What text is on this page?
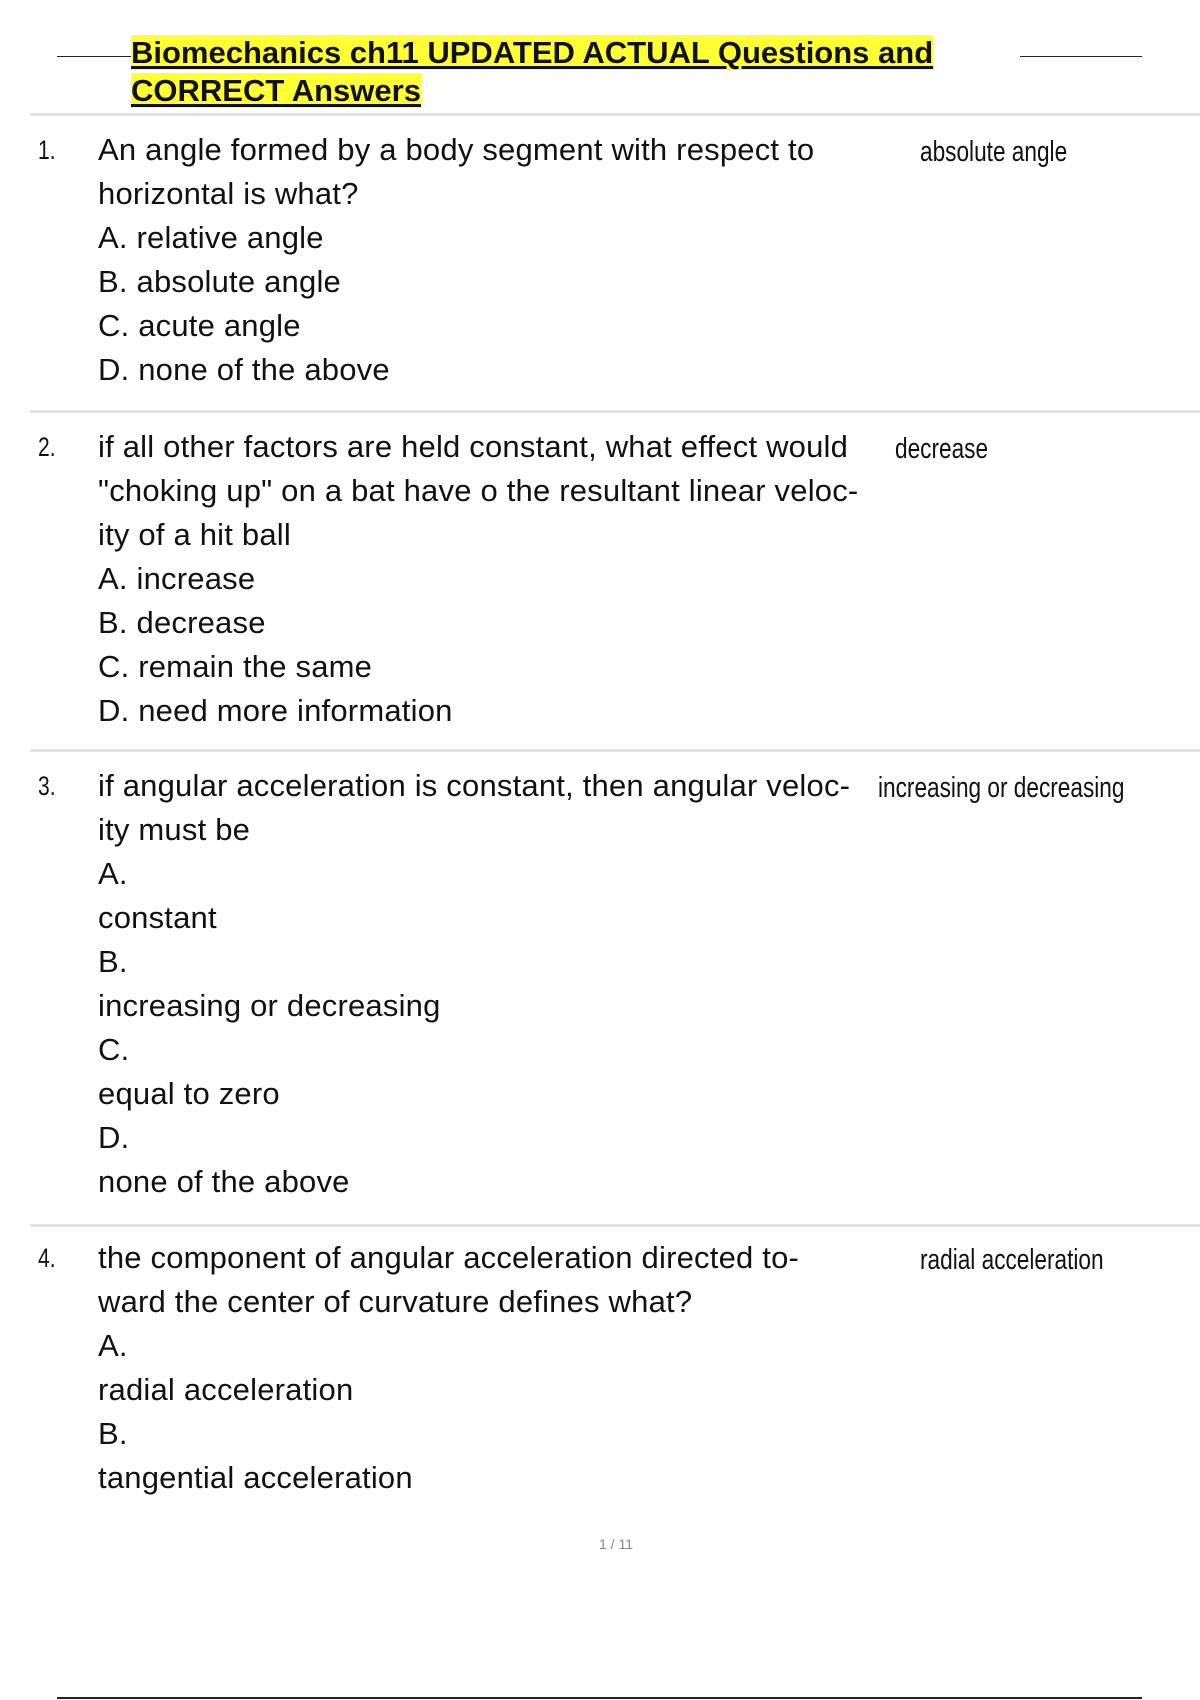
Biomechanics ch11 UPDATED ACTUAL Questions and
CORRECT Answers
1. An angle formed by a body segment with respect to
horizontal is what?
A. relative angle
B. absolute angle
C. acute angle
D. none of the above
absolute angle
2. if all other factors are held constant, what effect would
"choking up" on a bat have o the resultant linear veloc-
ity of a hit ball
A. increase
B. decrease
C. remain the same
D. need more information
decrease
3. if angular acceleration is constant, then angular veloc-
ity must be
A.
constant
B.
increasing or decreasing
C.
equal to zero
D.
none of the above
increasing or decreasing
4. the component of angular acceleration directed to-
ward the center of curvature defines what?
A.
radial acceleration
B.
tangential acceleration
radial acceleration
1 / 11
